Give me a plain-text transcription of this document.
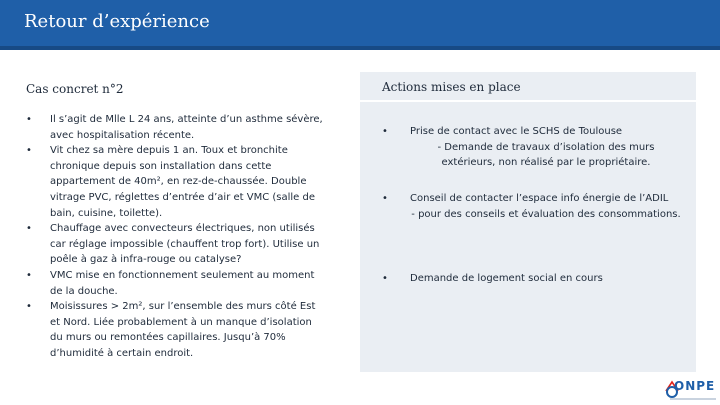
Retour d’expérience
Cas concret n°2
• Il s’agit de Mlle L 24 ans, atteinte d’un asthme sévère, avec hospitalisation récente.
• Vit chez sa mère depuis 1 an. Toux et bronchite chronique depuis son installation dans cette appartement de 40m², en rez-de-chaussée. Double vitrage PVC, réglettes d’entrée d’air et VMC (salle de bain, cuisine, toilette).
• Chauffage avec convecteurs électriques, non utilisés car réglage impossible (chauffent trop fort). Utilise un poêle à gaz à infra-rouge ou catalyse?
• VMC mise en fonctionnement seulement au moment de la douche.
• Moisissures > 2m², sur l’ensemble des murs côté Est et Nord. Liée probablement à un manque d’isolation du murs ou remontées capillaires. Jusqu’à 70% d’humidité à certain endroit.
Actions mises en place
• Prise de contact avec le SCHS de Toulouse
- Demande de travaux d’isolation des murs extérieurs, non réalisé par le propriétaire.
• Conseil de contacter l’espace info énergie de l’ADIL
- pour des conseils et évaluation des consommations.
• Demande de logement social en cours
ONPE
